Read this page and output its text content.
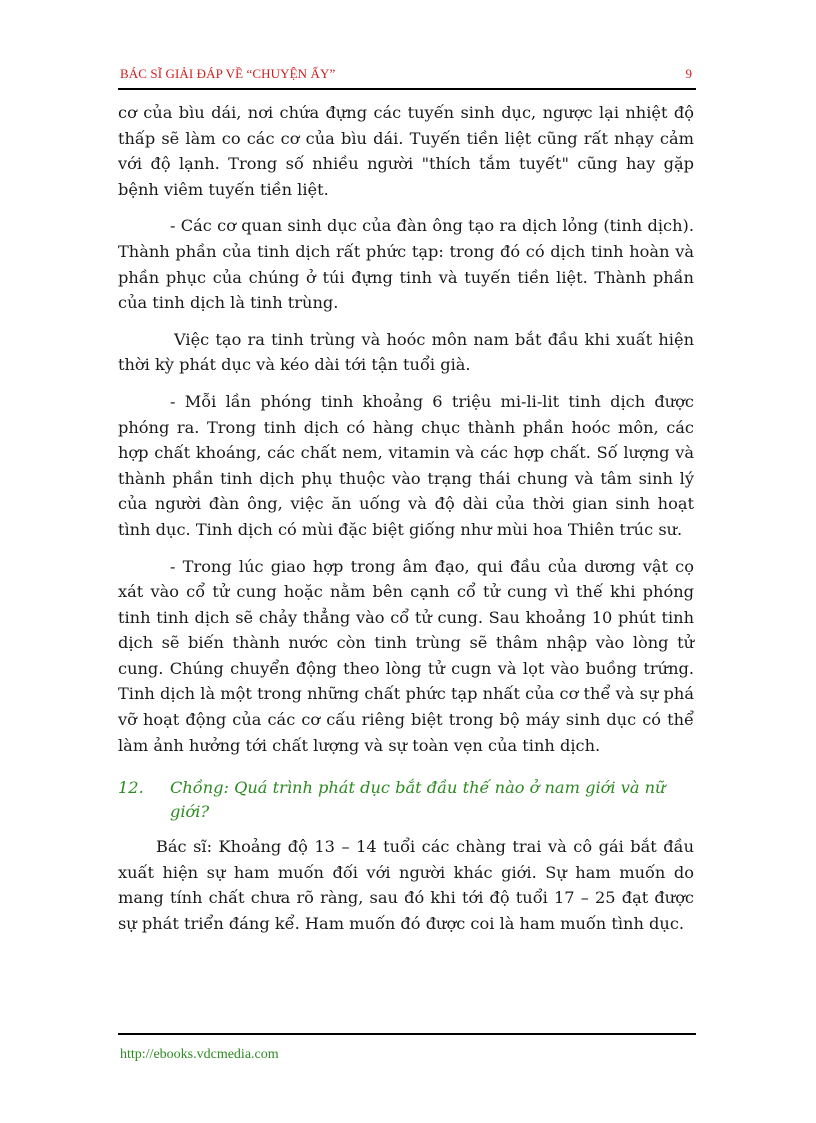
BÁC SĨ GIẢI ĐÁP VỀ “CHUYỆN ẤY”	9

cơ của bìu dái, nơi chứa đựng các tuyến sinh dục, ngược lại nhiệt độ thấp sẽ làm co các cơ của bìu dái. Tuyến tiền liệt cũng rất nhạy cảm với độ lạnh. Trong số nhiều người "thích tắm tuyết" cũng hay gặp bệnh viêm tuyến tiền liệt.

- Các cơ quan sinh dục của đàn ông tạo ra dịch lỏng (tinh dịch). Thành phần của tinh dịch rất phức tạp: trong đó có dịch tinh hoàn và phần phục của chúng ở túi đựng tinh và tuyến tiền liệt. Thành phần của tinh dịch là tinh trùng.

Việc tạo ra tinh trùng và hoóc môn nam bắt đầu khi xuất hiện thời kỳ phát dục và kéo dài tới tận tuổi già.

- Mỗi lần phóng tinh khoảng 6 triệu mi-li-lit tinh dịch được phóng ra. Trong tinh dịch có hàng chục thành phần hoóc môn, các hợp chất khoáng, các chất nem, vitamin và các hợp chất. Số lượng và thành phần tinh dịch phụ thuộc vào trạng thái chung và tâm sinh lý của người đàn ông, việc ăn uống và độ dài của thời gian sinh hoạt tình dục. Tinh dịch có mùi đặc biệt giống như mùi hoa Thiên trúc sư.

- Trong lúc giao hợp trong âm đạo, qui đầu của dương vật cọ xát vào cổ tử cung hoặc nằm bên cạnh cổ tử cung vì thế khi phóng tinh tinh dịch sẽ chảy thẳng vào cổ tử cung. Sau khoảng 10 phút tinh dịch sẽ biến thành nước còn tinh trùng sẽ thâm nhập vào lòng tử cung. Chúng chuyển động theo lòng tử cugn và lọt vào buồng trứng. Tinh dịch là một trong những chất phức tạp nhất của cơ thể và sự phá vỡ hoạt động của các cơ cấu riêng biệt trong bộ máy sinh dục có thể làm ảnh hưởng tới chất lượng và sự toàn vẹn của tinh dịch.

12.	Chồng: Quá trình phát dục bắt đầu thế nào ở nam giới và nữ giới?

Bác sĩ: Khoảng độ 13 – 14 tuổi các chàng trai và cô gái bắt đầu xuất hiện sự ham muốn đối với người khác giới. Sự ham muốn do mang tính chất chưa rõ ràng, sau đó khi tới độ tuổi 17 – 25 đạt được sự phát triển đáng kể. Ham muốn đó được coi là ham muốn tình dục.

http://ebooks.vdcmedia.com
